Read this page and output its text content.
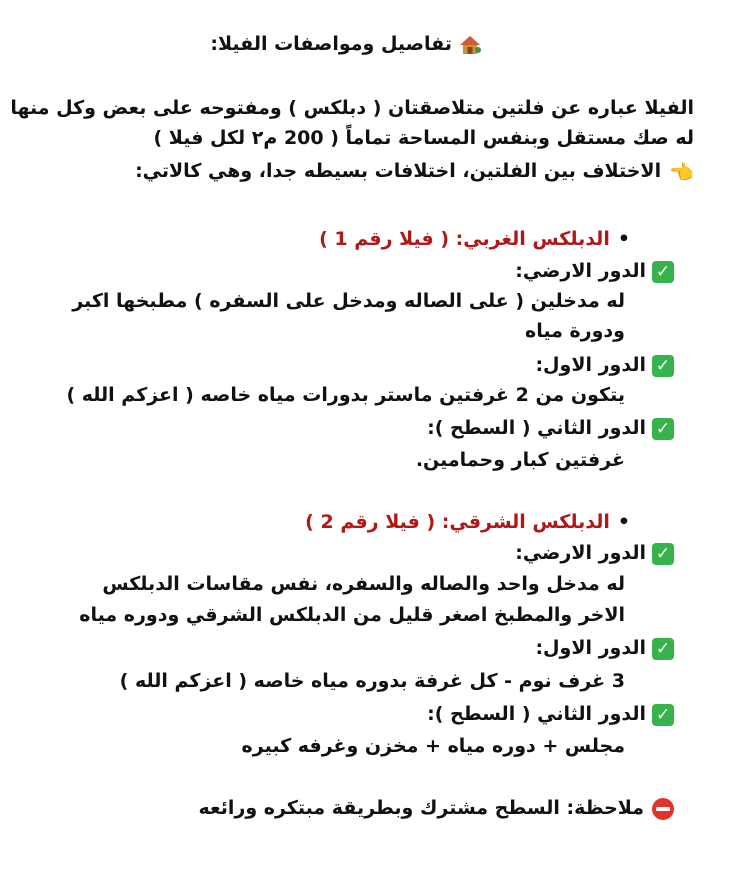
تفاصيل ومواصفات الفيلا:
الفيلا عباره عن فلتين متلاصقتان ( دبلكس ) ومفتوحه على بعض وكل منها
له صك مستقل وبنفس المساحة تماماً ( 200 م٢ لكل فيلا )
👈الاختلاف بين الفلتين، اختلافات بسيطه جدا، وهي كالاتي:
•الدبلكس الغربي: ( فيلا رقم 1 )
✓الدور الارضي:
له مدخلين ( على الصاله ومدخل على السفره ) مطبخها اكبر
ودورة مياه
✓الدور الاول:
يتكون من 2 غرفتين ماستر بدورات مياه خاصه ( اعزكم الله )
✓الدور الثاني ( السطح ):
غرفتين كبار وحمامين.
•الدبلكس الشرقي: ( فيلا رقم 2 )
✓الدور الارضي:
له مدخل واحد والصاله والسفره، نفس مقاسات الدبلكس
الاخر والمطبخ اصغر قليل من الدبلكس الشرقي ودوره مياه
✓الدور الاول:
3 غرف نوم - كل غرفة بدوره مياه خاصه ( اعزكم الله )
✓الدور الثاني ( السطح ):
مجلس + دوره مياه + مخزن وغرفه كبيره
ملاحظة: السطح مشترك وبطريقة مبتكره ورائعه
